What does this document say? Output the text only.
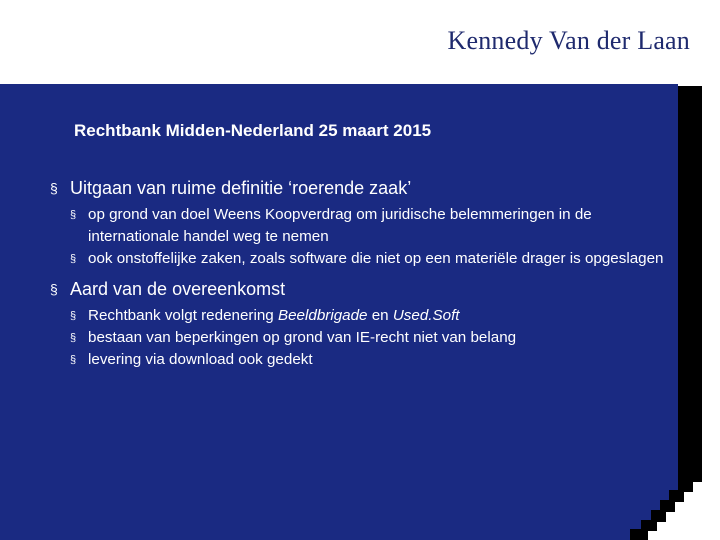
Kennedy Van der Laan
Rechtbank Midden-Nederland 25 maart 2015
§ Uitgaan van ruime definitie ‘roerende zaak’
§ op grond van doel Weens Koopverdrag om juridische belemmeringen in de internationale handel weg te nemen
§ ook onstoffelijke zaken, zoals software die niet op een materiële drager is opgeslagen
§ Aard van de overeenkomst
§ Rechtbank volgt redenering Beeldbrigade en Used.Soft
§ bestaan van beperkingen op grond van IE-recht niet van belang
§ levering via download ook gedekt
